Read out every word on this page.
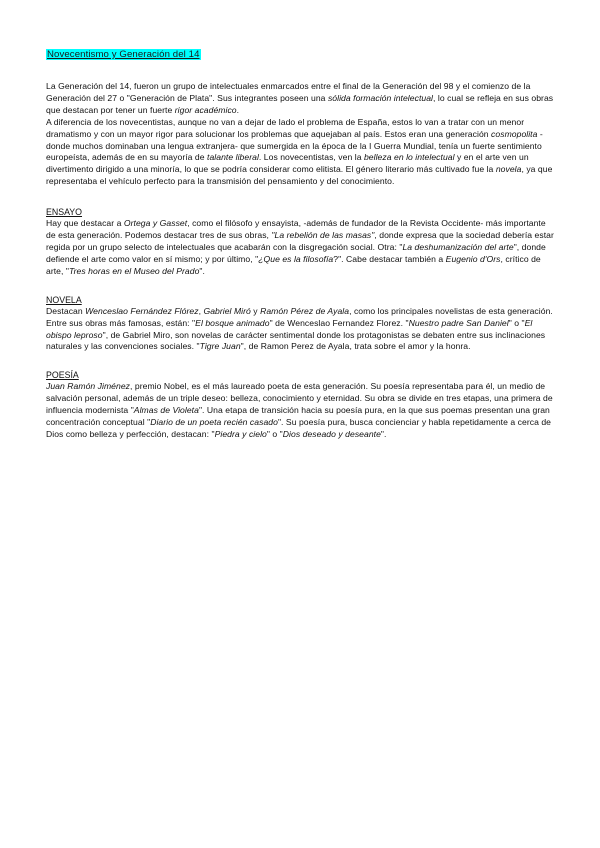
Novecentismo y Generación del 14

La Generación del 14, fueron un grupo de intelectuales enmarcados entre el final de la Generación del 98 y el comienzo de la Generación del 27 o "Generación de Plata". Sus integrantes poseen una sólida formación intelectual, lo cual se refleja en sus obras que destacan por tener un fuerte rigor académico.

A diferencia de los novecentistas, aunque no van a dejar de lado el problema de España, estos lo van a tratar con un menor dramatismo y con un mayor rigor para solucionar los problemas que aquejaban al país. Estos eran una generación cosmopolita -donde muchos dominaban una lengua extranjera- que sumergida en la época de la I Guerra Mundial, tenía un fuerte sentimiento europeísta, además de en su mayoría de talante liberal. Los novecentistas, ven la belleza en lo intelectual y en el arte ven un divertimento dirigido a una minoría, lo que se podría considerar como elitista. El género literario más cultivado fue la novela, ya que representaba el vehículo perfecto para la transmisión del pensamiento y del conocimiento.

ENSAYO

Hay que destacar a Ortega y Gasset, como el filósofo y ensayista, -además de fundador de la Revista Occidente- más importante de esta generación. Podemos destacar tres de sus obras, "La rebelión de las masas", donde expresa que la sociedad debería estar regida por un grupo selecto de intelectuales que acabarán con la disgregación social. Otra: "La deshumanización del arte", donde defiende el arte como valor en sí mismo; y por último, "¿Que es la filosofía?". Cabe destacar también a Eugenio d'Ors, crítico de arte, "Tres horas en el Museo del Prado".

NOVELA

Destacan Wenceslao Fernández Flórez, Gabriel Miró y Ramón Pérez de Ayala, como los principales novelistas de esta generación. Entre sus obras más famosas, están: "El bosque animado" de Wenceslao Fernandez Florez. "Nuestro padre San Daniel" o "El obispo leproso", de Gabriel Miro, son novelas de carácter sentimental donde los protagonistas se debaten entre sus inclinaciones naturales y las convenciones sociales. "Tigre Juan", de Ramon Perez de Ayala, trata sobre el amor y la honra.

POESÍA

Juan Ramón Jiménez, premio Nobel, es el más laureado poeta de esta generación. Su poesía representaba para él, un medio de salvación personal, además de un triple deseo: belleza, conocimiento y eternidad. Su obra se divide en tres etapas, una primera de influencia modernista "Almas de Violeta". Una etapa de transición hacia su poesía pura, en la que sus poemas presentan una gran concentración conceptual "Diario de un poeta recién casado". Su poesía pura, busca concienciar y habla repetidamente a cerca de Dios como belleza y perfección, destacan: "Piedra y cielo" o "Dios deseado y deseante".
